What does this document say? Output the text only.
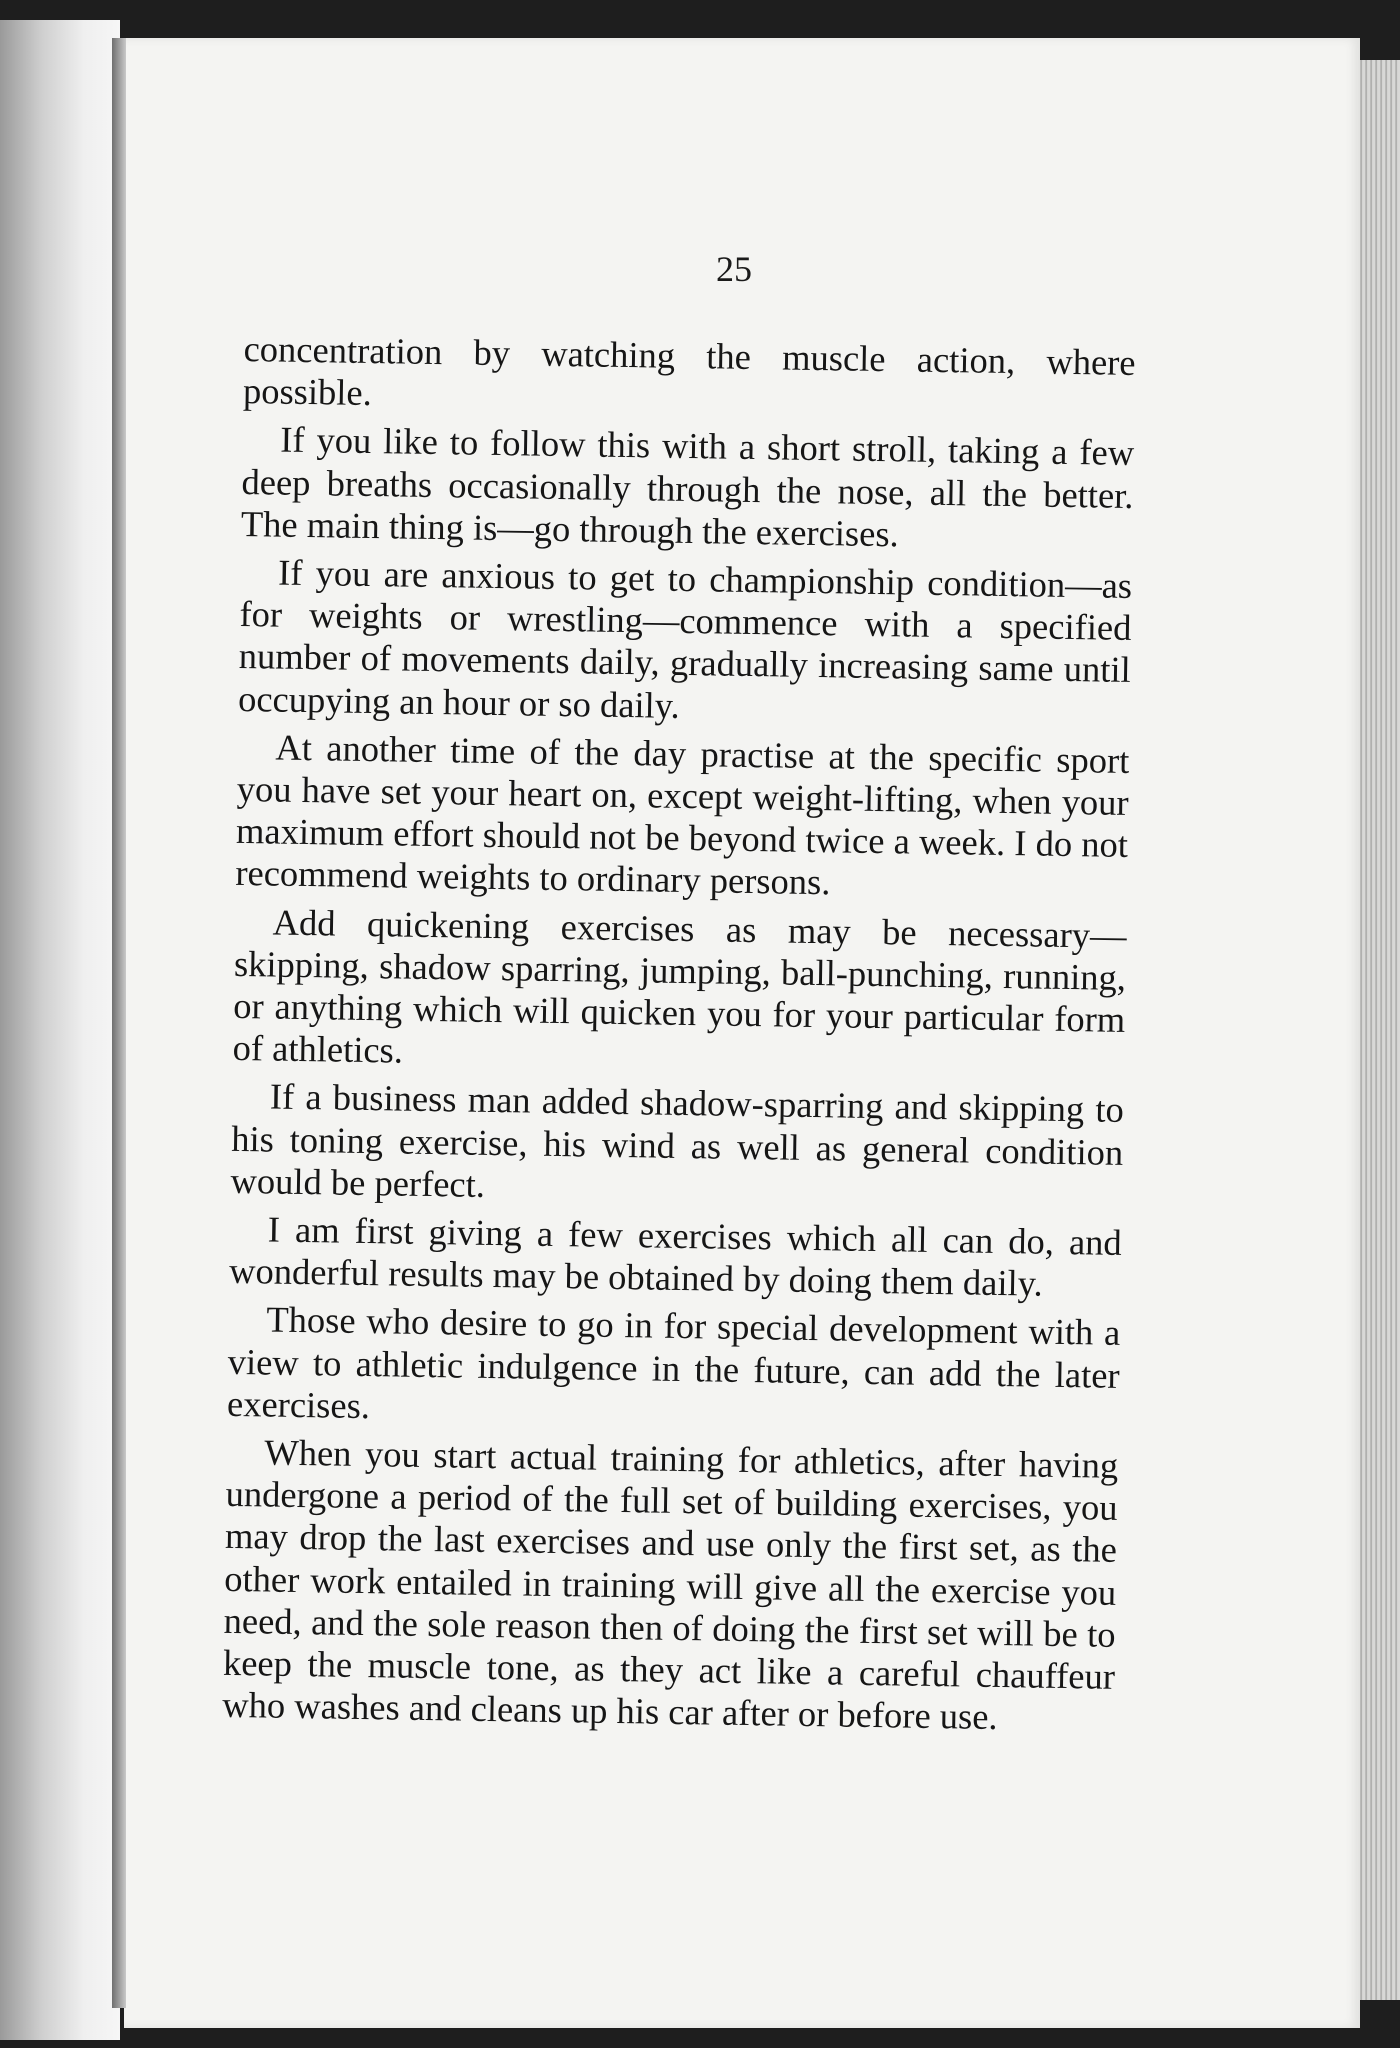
25

concentration by watching the muscle action, where possible.

If you like to follow this with a short stroll, taking a few deep breaths occasionally through the nose, all the better. The main thing is—go through the exercises.

If you are anxious to get to championship condition—as for weights or wrestling—commence with a specified number of movements daily, gradually increasing same until occupying an hour or so daily.

At another time of the day practise at the specific sport you have set your heart on, except weight-lifting, when your maximum effort should not be beyond twice a week. I do not recommend weights to ordinary persons.

Add quickening exercises as may be necessary—skipping, shadow sparring, jumping, ball-punching, running, or anything which will quicken you for your particular form of athletics.

If a business man added shadow-sparring and skipping to his toning exercise, his wind as well as general condition would be perfect.

I am first giving a few exercises which all can do, and wonderful results may be obtained by doing them daily.

Those who desire to go in for special development with a view to athletic indulgence in the future, can add the later exercises.

When you start actual training for athletics, after having undergone a period of the full set of building exercises, you may drop the last exercises and use only the first set, as the other work entailed in training will give all the exercise you need, and the sole reason then of doing the first set will be to keep the muscle tone, as they act like a careful chauffeur who washes and cleans up his car after or before use.
